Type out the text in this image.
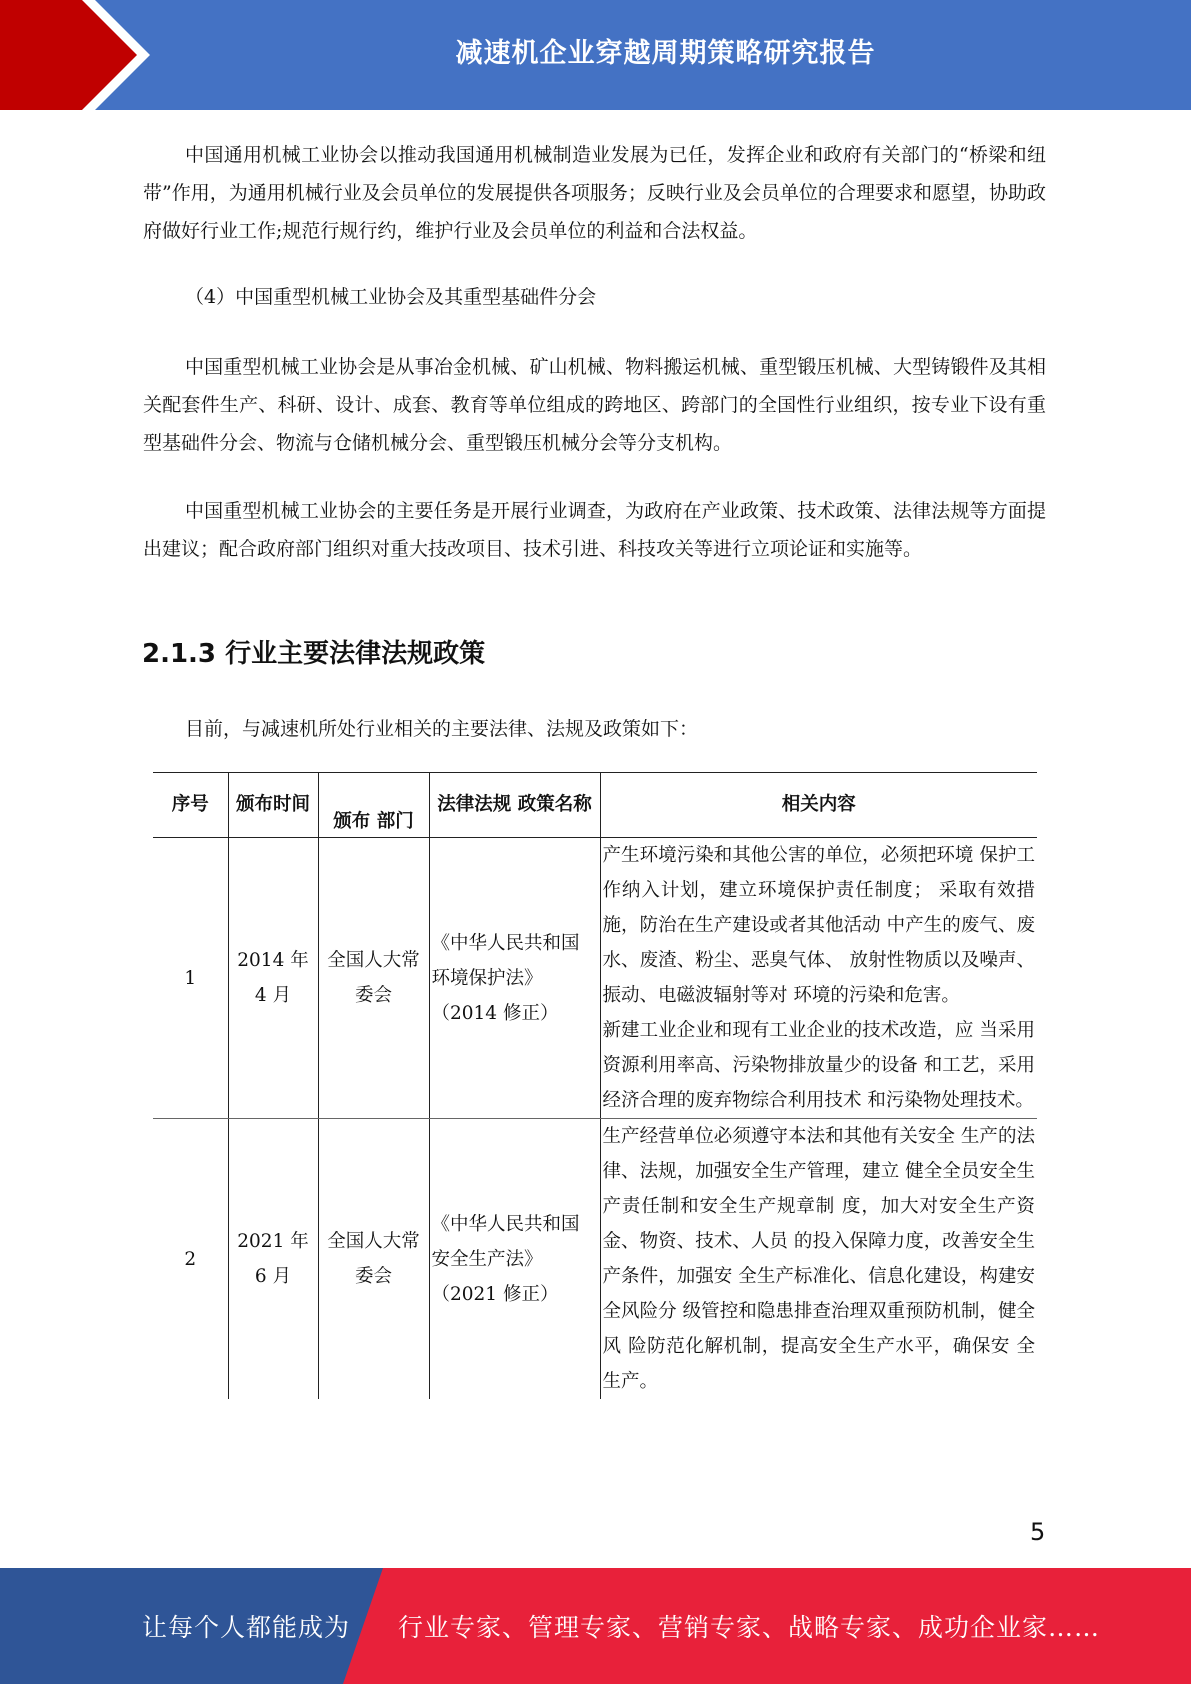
减速机企业穿越周期策略研究报告

中国通用机械工业协会以推动我国通用机械制造业发展为已任，发挥企业和政府有关部门的“桥梁和纽带”作用，为通用机械行业及会员单位的发展提供各项服务；反映行业及会员单位的合理要求和愿望，协助政府做好行业工作;规范行规行约，维护行业及会员单位的利益和合法权益。

（4）中国重型机械工业协会及其重型基础件分会

中国重型机械工业协会是从事冶金机械、矿山机械、物料搬运机械、重型锻压机械、大型铸锻件及其相关配套件生产、科研、设计、成套、教育等单位组成的跨地区、跨部门的全国性行业组织，按专业下设有重型基础件分会、物流与仓储机械分会、重型锻压机械分会等分支机构。

中国重型机械工业协会的主要任务是开展行业调查，为政府在产业政策、技术政策、法律法规等方面提出建议；配合政府部门组织对重大技改项目、技术引进、科技攻关等进行立项论证和实施等。

2.1.3 行业主要法律法规政策

目前，与减速机所处行业相关的主要法律、法规及政策如下：

序号	颁布时间	颁布 部门	法律法规 政策名称	相关内容
1	2014 年 4 月	全国人大常委会	《中华人民共和国环境保护法》（2014 修正）	产生环境污染和其他公害的单位，必须把环境 保护工作纳入计划，建立环境保护责任制度； 采取有效措施，防治在生产建设或者其他活动 中产生的废气、废水、废渣、粉尘、恶臭气体、 放射性物质以及噪声、振动、电磁波辐射等对 环境的污染和危害。
新建工业企业和现有工业企业的技术改造，应 当采用资源利用率高、污染物排放量少的设备 和工艺，采用经济合理的废弃物综合利用技术 和污染物处理技术。

2	2021 年 6 月	全国人大常委会	《中华人民共和国安全生产法》（2021 修正）	生产经营单位必须遵守本法和其他有关安全 生产的法律、法规，加强安全生产管理，建立 健全全员安全生产责任制和安全生产规章制 度，加大对安全生产资金、物资、技术、人员 的投入保障力度，改善安全生产条件，加强安 全生产标准化、信息化建设，构建安全风险分 级管控和隐患排查治理双重预防机制，健全风 险防范化解机制，提高安全生产水平，确保安 全生产。
5
让每个人都能成为 行业专家、管理专家、营销专家、战略专家、成功企业家……
